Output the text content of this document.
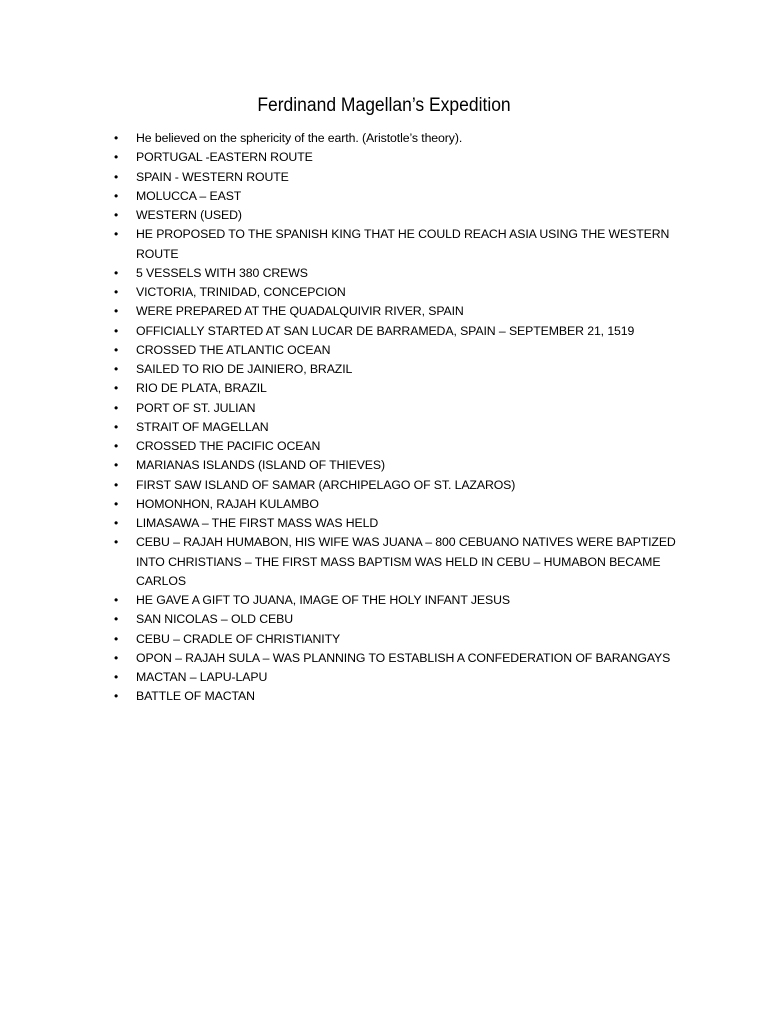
Ferdinand Magellan’s Expedition
• He believed on the sphericity of the earth. (Aristotle’s theory).
• PORTUGAL -EASTERN ROUTE
• SPAIN - WESTERN ROUTE
• MOLUCCA – EAST
• WESTERN (USED)
• HE PROPOSED TO THE SPANISH KING THAT HE COULD REACH ASIA USING THE WESTERN ROUTE
• 5 VESSELS WITH 380 CREWS
• VICTORIA, TRINIDAD, CONCEPCION
• WERE PREPARED AT THE QUADALQUIVIR RIVER, SPAIN
• OFFICIALLY STARTED AT SAN LUCAR DE BARRAMEDA, SPAIN – SEPTEMBER 21, 1519
• CROSSED THE ATLANTIC OCEAN
• SAILED TO RIO DE JAINIERO, BRAZIL
• RIO DE PLATA, BRAZIL
• PORT OF ST. JULIAN
• STRAIT OF MAGELLAN
• CROSSED THE PACIFIC OCEAN
• MARIANAS ISLANDS (ISLAND OF THIEVES)
• FIRST SAW ISLAND OF SAMAR (ARCHIPELAGO OF ST. LAZAROS)
• HOMONHON, RAJAH KULAMBO
• LIMASAWA – THE FIRST MASS WAS HELD
• CEBU – RAJAH HUMABON, HIS WIFE WAS JUANA – 800 CEBUANO NATIVES WERE BAPTIZED INTO CHRISTIANS – THE FIRST MASS BAPTISM WAS HELD IN CEBU – HUMABON BECAME CARLOS
• HE GAVE A GIFT TO JUANA, IMAGE OF THE HOLY INFANT JESUS
• SAN NICOLAS – OLD CEBU
• CEBU – CRADLE OF CHRISTIANITY
• OPON – RAJAH SULA – WAS PLANNING TO ESTABLISH A CONFEDERATION OF BARANGAYS
• MACTAN – LAPU-LAPU
• BATTLE OF MACTAN
